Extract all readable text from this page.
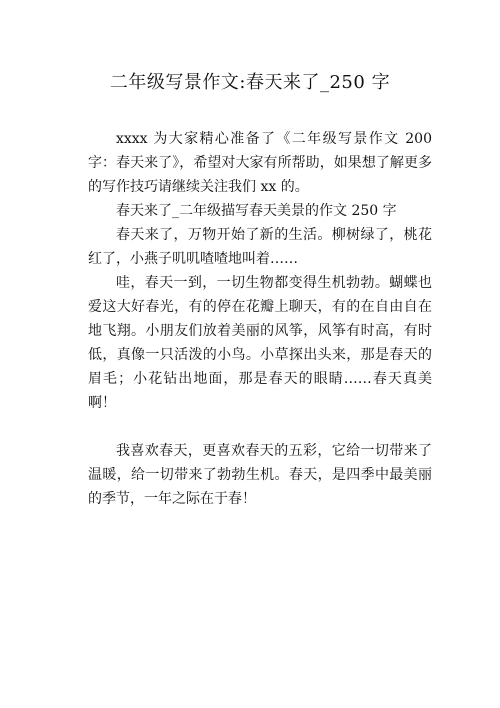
二年级写景作文:春天来了_250 字

xxxx 为大家精心准备了《二年级写景作文 200 字：春天来了》，希望对大家有所帮助，如果想了解更多的写作技巧请继续关注我们 xx 的。

春天来了_二年级描写春天美景的作文 250 字

春天来了，万物开始了新的生活。柳树绿了，桃花红了，小燕子叽叽喳喳地叫着……

哇，春天一到，一切生物都变得生机勃勃。蝴蝶也爱这大好春光，有的停在花瓣上聊天，有的在自由自在地飞翔。小朋友们放着美丽的风筝，风筝有时高，有时低，真像一只活泼的小鸟。小草探出头来，那是春天的眉毛；小花钻出地面，那是春天的眼睛……春天真美啊！

我喜欢春天，更喜欢春天的五彩，它给一切带来了温暖，给一切带来了勃勃生机。春天，是四季中最美丽的季节，一年之际在于春！
